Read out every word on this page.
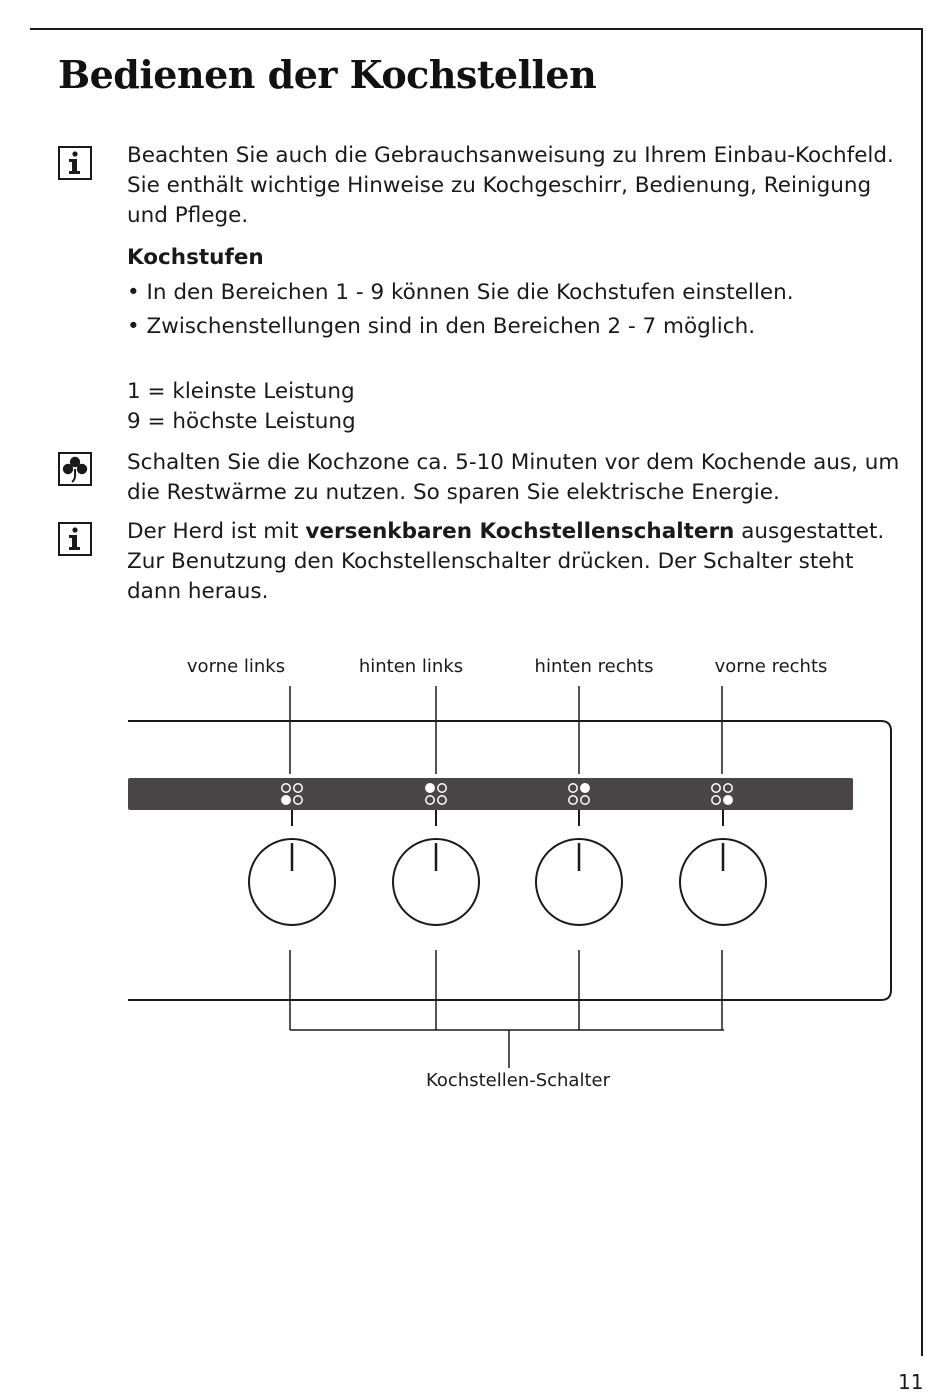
Bedienen der Kochstellen

Beachten Sie auch die Gebrauchsanweisung zu Ihrem Einbau-Kochfeld.

Sie enthält wichtige Hinweise zu Kochgeschirr, Bedienung, Reinigung

und Pflege.

Kochstufen

• In den Bereichen 1 - 9 können Sie die Kochstufen einstellen.

• Zwischenstellungen sind in den Bereichen 2 - 7 möglich.

1 = kleinste Leistung

9 = höchste Leistung

Schalten Sie die Kochzone ca. 5-10 Minuten vor dem Kochende aus, um

die Restwärme zu nutzen. So sparen Sie elektrische Energie.

Der Herd ist mit versenkbaren Kochstellenschaltern ausgestattet.

Zur Benutzung den Kochstellenschalter drücken. Der Schalter steht

dann heraus.

vorne links	hinten links	hinten rechts	vorne rechts
Kochstellen-Schalter
11
